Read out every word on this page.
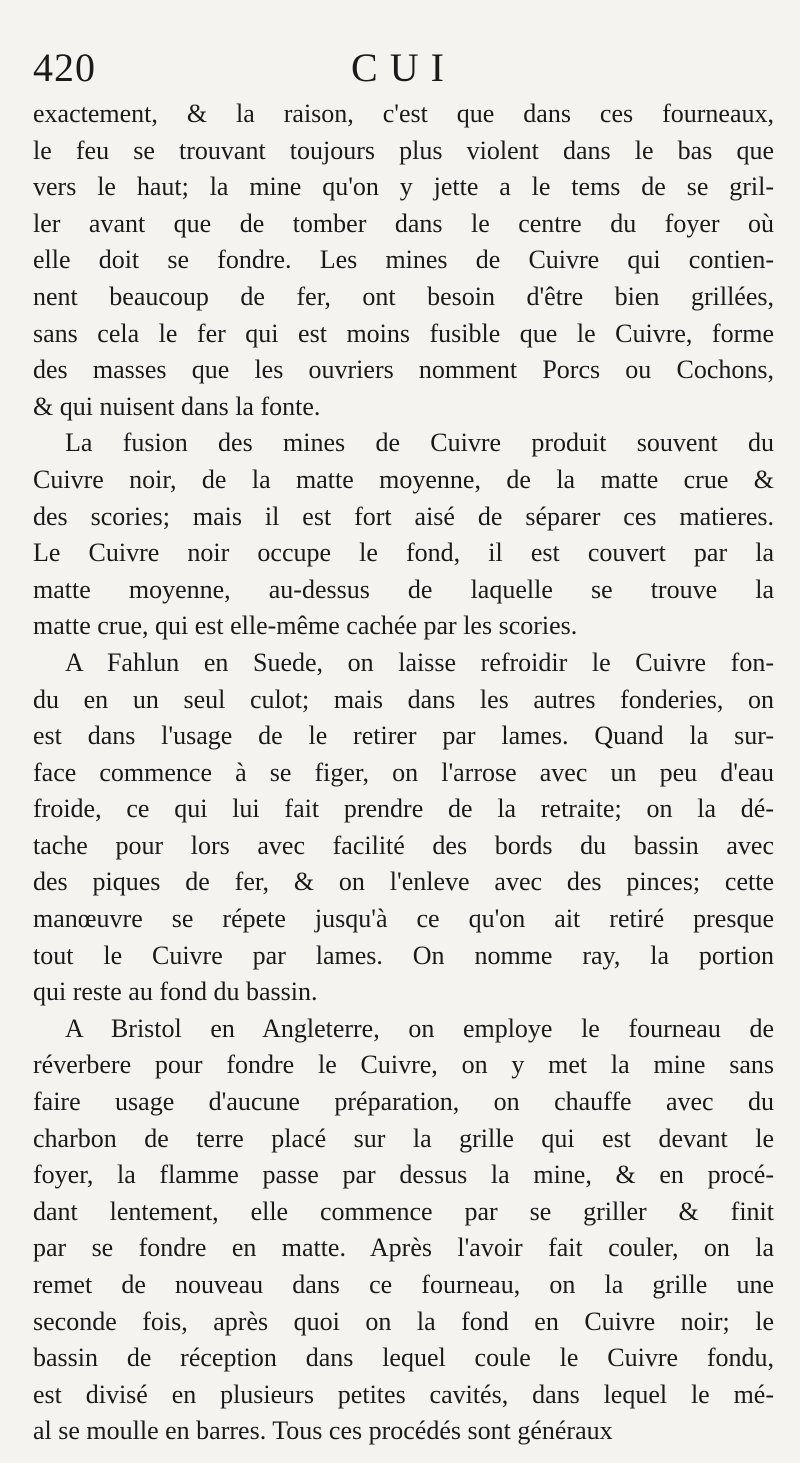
420	CUI
exactement, & la raison, c'est que dans ces fourneaux,
le feu se trouvant toujours plus violent dans le bas que
vers le haut; la mine qu'on y jette a le tems de se gril-
ler avant que de tomber dans le centre du foyer où
elle doit se fondre. Les mines de Cuivre qui contien-
nent beaucoup de fer, ont besoin d'être bien grillées,
sans cela le fer qui est moins fusible que le Cuivre, forme
des masses que les ouvriers nomment Porcs ou Cochons,
& qui nuisent dans la fonte.
La fusion des mines de Cuivre produit souvent du
Cuivre noir, de la matte moyenne, de la matte crue &
des scories; mais il est fort aisé de séparer ces matieres.
Le Cuivre noir occupe le fond, il est couvert par la
matte moyenne, au-dessus de laquelle se trouve la
matte crue, qui est elle-même cachée par les scories.
A Fahlun en Suede, on laisse refroidir le Cuivre fon-
du en un seul culot; mais dans les autres fonderies, on
est dans l'usage de le retirer par lames. Quand la sur-
face commence à se figer, on l'arrose avec un peu d'eau
froide, ce qui lui fait prendre de la retraite; on la dé-
tache pour lors avec facilité des bords du bassin avec
des piques de fer, & on l'enleve avec des pinces; cette
manœuvre se répete jusqu'à ce qu'on ait retiré presque
tout le Cuivre par lames. On nomme ray, la portion
qui reste au fond du bassin.
A Bristol en Angleterre, on employe le fourneau de
réverbere pour fondre le Cuivre, on y met la mine sans
faire usage d'aucune préparation, on chauffe avec du
charbon de terre placé sur la grille qui est devant le
foyer, la flamme passe par dessus la mine, & en procé-
dant lentement, elle commence par se griller & finit
par se fondre en matte. Après l'avoir fait couler, on la
remet de nouveau dans ce fourneau, on la grille une
seconde fois, après quoi on la fond en Cuivre noir; le
bassin de réception dans lequel coule le Cuivre fondu,
est divisé en plusieurs petites cavités, dans lequel le mé-
al se moulle en barres. Tous ces procédés sont généraux
